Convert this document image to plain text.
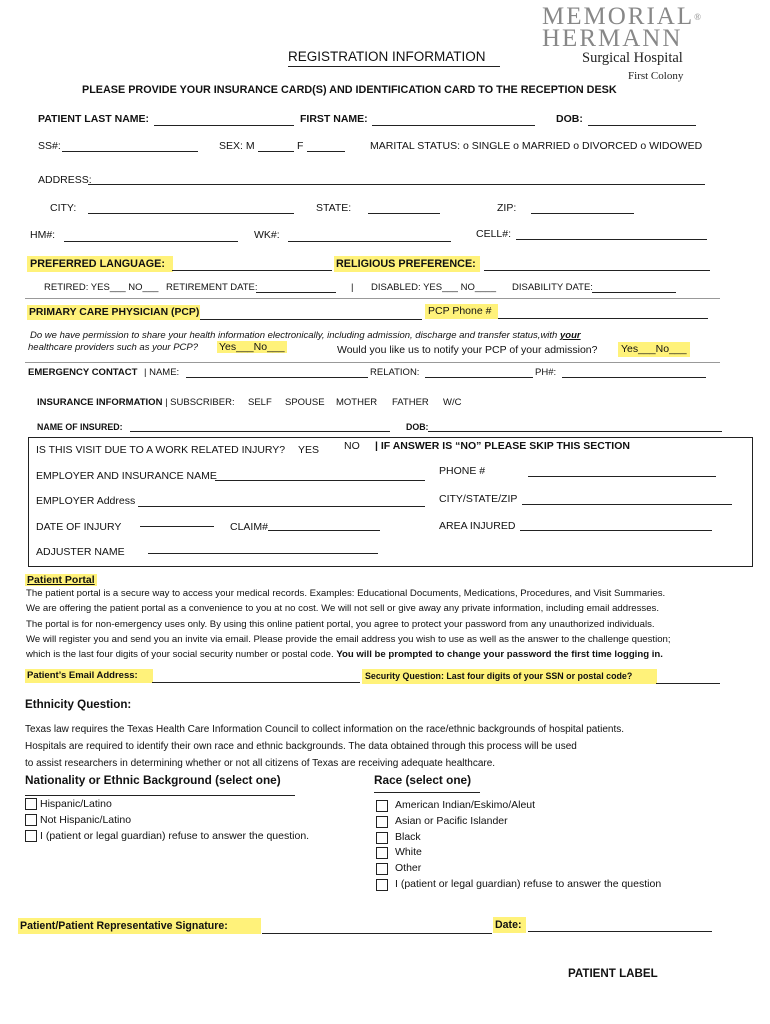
MEMORIAL®
HERMANN
Surgical Hospital
First Colony
REGISTRATION INFORMATION
PLEASE PROVIDE YOUR INSURANCE CARD(S) AND IDENTIFICATION CARD TO THE RECEPTION DESK
PATIENT LAST NAME:	FIRST NAME:	DOB:
SS#:	SEX: M	F	MARITAL STATUS: o SINGLE o MARRIED o DIVORCED o WIDOWED
ADDRESS:
CITY:	STATE:	ZIP:
HM#:	WK#:	CELL#:
PREFERRED LANGUAGE:	RELIGIOUS PREFERENCE:
RETIRED: YES___ NO___ RETIREMENT DATE:	| DISABLED: YES___ NO____ DISABILITY DATE:
PRIMARY CARE PHYSICIAN (PCP)	PCP Phone #
Do we have permission to share your health information electronically, including admission, discharge and transfer status,with your
healthcare providers such as your PCP? Yes___No___	Would you like us to notify your PCP of your admission? Yes___No___
EMERGENCY CONTACT | NAME:	RELATION:	PH#:
INSURANCE INFORMATION | SUBSCRIBER: SELF SPOUSE MOTHER FATHER W/C
NAME OF INSURED:	DOB:
IS THIS VISIT DUE TO A WORK RELATED INJURY? YES NO | IF ANSWER IS “NO” PLEASE SKIP THIS SECTION
EMPLOYER AND INSURANCE NAME	PHONE #
EMPLOYER Address	CITY/STATE/ZIP
DATE OF INJURY	CLAIM#	AREA INJURED
ADJUSTER NAME
Patient Portal
The patient portal is a secure way to access your medical records. Examples: Educational Documents, Medications, Procedures, and Visit Summaries.
We are offering the patient portal as a convenience to you at no cost. We will not sell or give away any private information, including email addresses.
The portal is for non-emergency uses only. By using this online patient portal, you agree to protect your password from any unauthorized individuals.
We will register you and send you an invite via email. Please provide the email address you wish to use as well as the answer to the challenge question;
which is the last four digits of your social security number or postal code. You will be prompted to change your password the first time logging in.
Patient’s Email Address:	Security Question: Last four digits of your SSN or postal code?
Ethnicity Question:
Texas law requires the Texas Health Care Information Council to collect information on the race/ethnic backgrounds of hospital patients.
Hospitals are required to identify their own race and ethnic backgrounds. The data obtained through this process will be used
to assist researchers in determining whether or not all citizens of Texas are receiving adequate healthcare.
Nationality or Ethnic Background (select one)
Hispanic/Latino
Not Hispanic/Latino
I (patient or legal guardian) refuse to answer the question.
Race (select one)
American Indian/Eskimo/Aleut
Asian or Pacific Islander
Black
White
Other
I (patient or legal guardian) refuse to answer the question
Patient/Patient Representative Signature:	Date:
PATIENT LABEL
